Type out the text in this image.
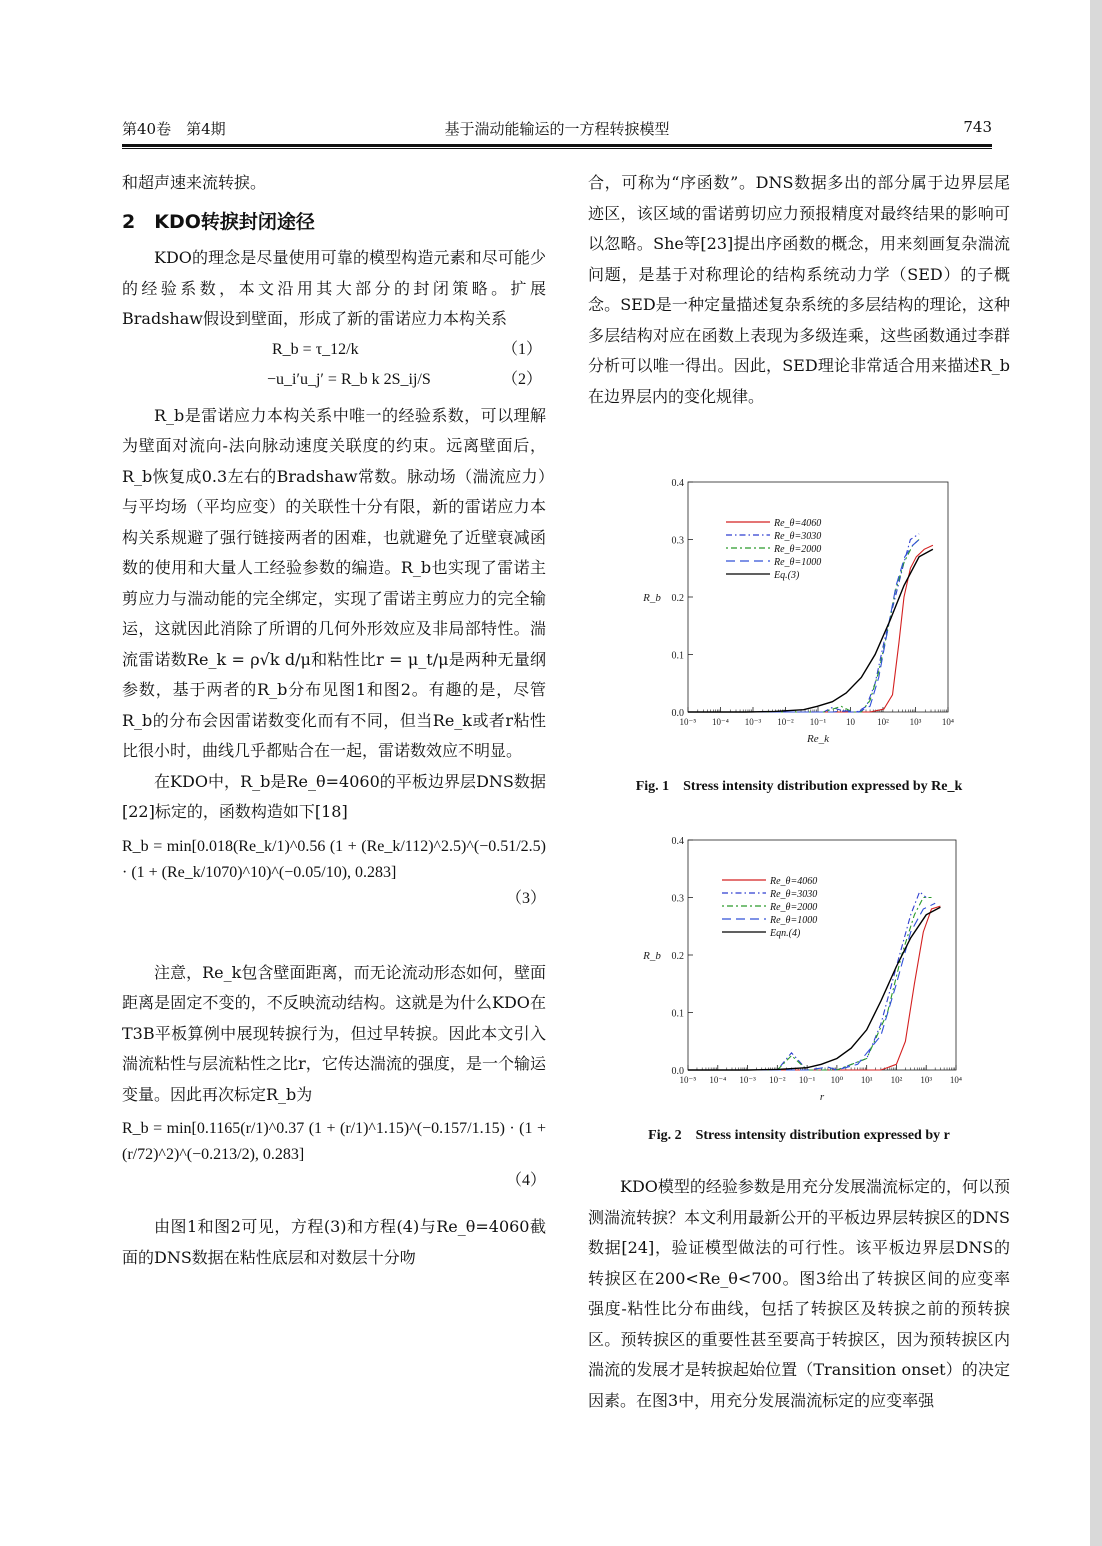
第40卷　第4期	基于湍动能输运的一方程转捩模型	743

和超声速来流转捩。

2　KDO转捩封闭途径

KDO的理念是尽量使用可靠的模型构造元素和尽可能少的经验系数，本文沿用其大部分的封闭策略。扩展Bradshaw假设到壁面，形成了新的雷诺应力本构关系

R_b = τ_12/k	（1）
−u_i′u_j′ = R_b k 2S_ij/S	（2）

R_b是雷诺应力本构关系中唯一的经验系数，可以理解为壁面对流向-法向脉动速度关联度的约束。远离壁面后，R_b恢复成0.3左右的Bradshaw常数。脉动场（湍流应力）与平均场（平均应变）的关联性十分有限，新的雷诺应力本构关系规避了强行链接两者的困难，也就避免了近壁衰减函数的使用和大量人工经验参数的编造。R_b也实现了雷诺主剪应力与湍动能的完全绑定，实现了雷诺主剪应力的完全输运，这就因此消除了所谓的几何外形效应及非局部特性。湍流雷诺数Re_k = ρ√k d/μ和粘性比r = μ_t/μ是两种无量纲参数，基于两者的R_b分布见图1和图2。有趣的是，尽管R_b的分布会因雷诺数变化而有不同，但当Re_k或者r粘性比很小时，曲线几乎都贴合在一起，雷诺数效应不明显。

在KDO中，R_b是Re_θ=4060的平板边界层DNS数据[22]标定的，函数构造如下[18]

R_b = min[0.018(Re_k/1)^0.56 (1 + (Re_k/112)^2.5)^(−0.51/2.5) · (1 + (Re_k/1070)^10)^(−0.05/10), 0.283]
（3）

注意，Re_k包含壁面距离，而无论流动形态如何，壁面距离是固定不变的，不反映流动结构。这就是为什么KDO在T3B平板算例中展现转捩行为，但过早转捩。因此本文引入湍流粘性与层流粘性之比r，它传达湍流的强度，是一个输运变量。因此再次标定R_b为

R_b = min[0.1165(r/1)^0.37 (1 + (r/1)^1.15)^(−0.157/1.15) · (1 + (r/72)^2)^(−0.213/2), 0.283]
（4）

由图1和图2可见，方程(3)和方程(4)与Re_θ=4060截面的DNS数据在粘性底层和对数层十分吻

合，可称为“序函数”。DNS数据多出的部分属于边界层尾迹区，该区域的雷诺剪切应力预报精度对最终结果的影响可以忽略。She等[23]提出序函数的概念，用来刻画复杂湍流问题，是基于对称理论的结构系统动力学（SED）的子概念。SED是一种定量描述复杂系统的多层结构的理论，这种多层结构对应在函数上表现为多级连乘，这些函数通过李群分析可以唯一得出。因此，SED理论非常适合用来描述R_b在边界层内的变化规律。

0.0
0.1
0.2
0.3
0.4
10⁻⁵ 10⁻⁴ 10⁻³ 10⁻² 10⁻¹ 10 10² 10³ 10⁴
Re_k
R_b
Re_θ=4060
Re_θ=3030
Re_θ=2000
Re_θ=1000
Eq.(3)
Fig. 1　Stress intensity distribution expressed by Re_k
0.0
0.1
0.2
0.3
0.4
10⁻⁵ 10⁻⁴ 10⁻³ 10⁻² 10⁻¹ 10⁰ 10¹ 10² 10³ 10⁴
r
R_b
Re_θ=4060
Re_θ=3030
Re_θ=2000
Re_θ=1000
Eqn.(4)
Fig. 2　Stress intensity distribution expressed by r

KDO模型的经验参数是用充分发展湍流标定的，何以预测湍流转捩？本文利用最新公开的平板边界层转捩区的DNS数据[24]，验证模型做法的可行性。该平板边界层DNS的转捩区在200<Re_θ<700。图3给出了转捩区间的应变率强度-粘性比分布曲线，包括了转捩区及转捩之前的预转捩区。预转捩区的重要性甚至要高于转捩区，因为预转捩区内湍流的发展才是转捩起始位置（Transition onset）的决定因素。在图3中，用充分发展湍流标定的应变率强
